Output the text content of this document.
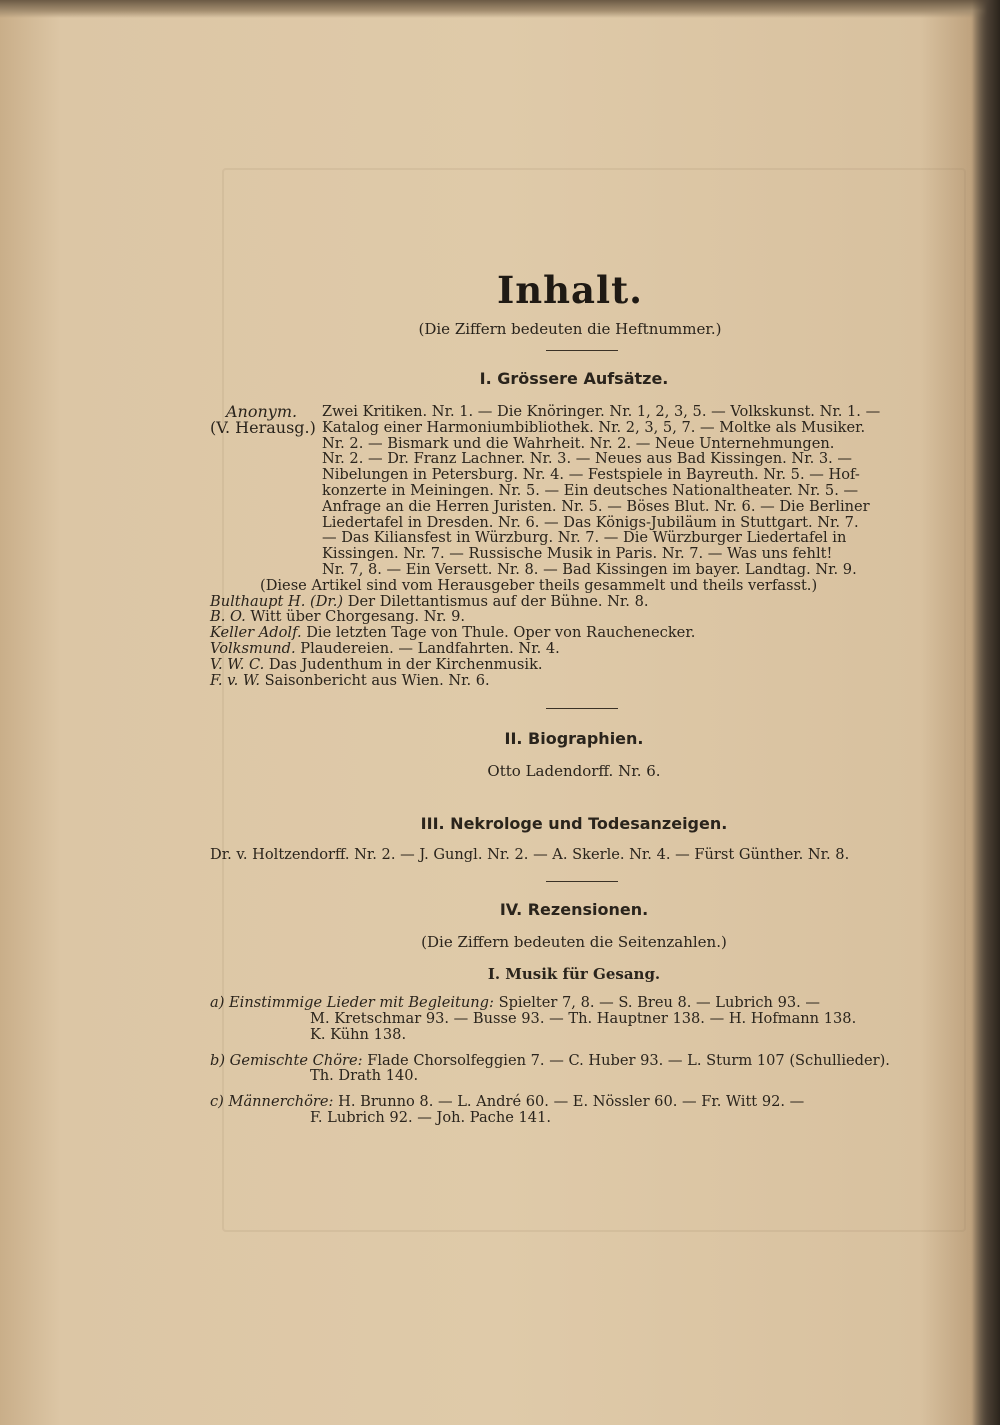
Inhalt.
(Die Ziffern bedeuten die Heftnummer.)
I. Grössere Aufsätze.
Anonym.
(V. Herausg.)
Zwei Kritiken. Nr. 1. — Die Knöringer. Nr. 1, 2, 3, 5. — Volkskunst. Nr. 1. —
Katalog einer Harmoniumbibliothek. Nr. 2, 3, 5, 7. — Moltke als Musiker.
Nr. 2. — Bismark und die Wahrheit. Nr. 2. — Neue Unternehmungen.
Nr. 2. — Dr. Franz Lachner. Nr. 3. — Neues aus Bad Kissingen. Nr. 3. —
Nibelungen in Petersburg. Nr. 4. — Festspiele in Bayreuth. Nr. 5. — Hof-
konzerte in Meiningen. Nr. 5. — Ein deutsches Nationaltheater. Nr. 5. —
Anfrage an die Herren Juristen. Nr. 5. — Böses Blut. Nr. 6. — Die Berliner
Liedertafel in Dresden. Nr. 6. — Das Königs-Jubiläum in Stuttgart. Nr. 7.
— Das Kiliansfest in Würzburg. Nr. 7. — Die Würzburger Liedertafel in
Kissingen. Nr. 7. — Russische Musik in Paris. Nr. 7. — Was uns fehlt!
Nr. 7, 8. — Ein Versett. Nr. 8. — Bad Kissingen im bayer. Landtag. Nr. 9.
(Diese Artikel sind vom Herausgeber theils gesammelt und theils verfasst.)
Bulthaupt H. (Dr.) Der Dilettantismus auf der Bühne. Nr. 8.
B. O. Witt über Chorgesang. Nr. 9.
Keller Adolf. Die letzten Tage von Thule. Oper von Rauchenecker.
Volksmund. Plaudereien. — Landfahrten. Nr. 4.
V. W. C. Das Judenthum in der Kirchenmusik.
F. v. W. Saisonbericht aus Wien. Nr. 6.
II. Biographien.
Otto Ladendorff. Nr. 6.
III. Nekrologe und Todesanzeigen.
Dr. v. Holtzendorff. Nr. 2. — J. Gungl. Nr. 2. — A. Skerle. Nr. 4. — Fürst Günther. Nr. 8.
IV. Rezensionen.
(Die Ziffern bedeuten die Seitenzahlen.)
I. Musik für Gesang.
a) Einstimmige Lieder mit Begleitung: Spielter 7, 8. — S. Breu 8. — Lubrich 93. —
M. Kretschmar 93. — Busse 93. — Th. Hauptner 138. — H. Hofmann 138.
K. Kühn 138.
b) Gemischte Chöre: Flade Chorsolfeggien 7. — C. Huber 93. — L. Sturm 107 (Schullieder).
Th. Drath 140.
c) Männerchöre: H. Brunno 8. — L. André 60. — E. Nössler 60. — Fr. Witt 92. —
F. Lubrich 92. — Joh. Pache 141.
